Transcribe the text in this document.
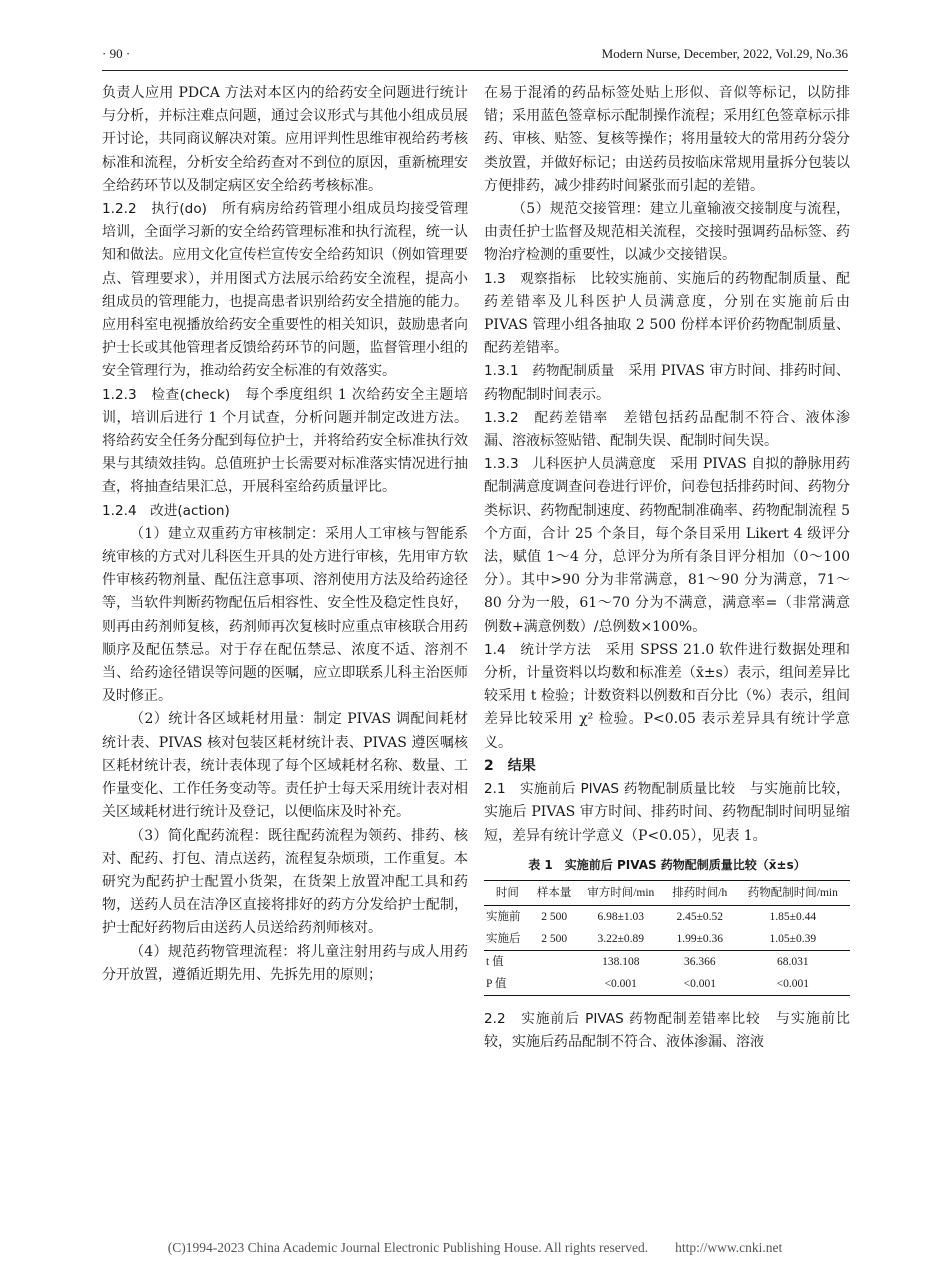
· 90 ·	Modern Nurse, December, 2022, Vol.29, No.36

负责人应用 PDCA 方法对本区内的给药安全问题进行统计与分析，并标注难点问题，通过会议形式与其他小组成员展开讨论，共同商议解决对策。应用评判性思维审视给药考核标准和流程，分析安全给药查对不到位的原因，重新梳理安全给药环节以及制定病区安全给药考核标准。

1.2.2　执行(do)　所有病房给药管理小组成员均接受管理培训，全面学习新的安全给药管理标准和执行流程，统一认知和做法。应用文化宣传栏宣传安全给药知识（例如管理要点、管理要求），并用图式方法展示给药安全流程，提高小组成员的管理能力，也提高患者识别给药安全措施的能力。应用科室电视播放给药安全重要性的相关知识，鼓励患者向护士长或其他管理者反馈给药环节的问题，监督管理小组的安全管理行为，推动给药安全标准的有效落实。

1.2.3　检查(check)　每个季度组织 1 次给药安全主题培训，培训后进行 1 个月试查，分析问题并制定改进方法。将给药安全任务分配到每位护士，并将给药安全标准执行效果与其绩效挂钩。总值班护士长需要对标准落实情况进行抽查，将抽查结果汇总，开展科室给药质量评比。

1.2.4　改进(action)

（1）建立双重药方审核制定：采用人工审核与智能系统审核的方式对儿科医生开具的处方进行审核，先用审方软件审核药物剂量、配伍注意事项、溶剂使用方法及给药途径等，当软件判断药物配伍后相容性、安全性及稳定性良好，则再由药剂师复核，药剂师再次复核时应重点审核联合用药顺序及配伍禁忌。对于存在配伍禁忌、浓度不适、溶剂不当、给药途径错误等问题的医嘱，应立即联系儿科主治医师及时修正。

（2）统计各区域耗材用量：制定 PIVAS 调配间耗材统计表、PIVAS 核对包装区耗材统计表、PIVAS 遵医嘱核区耗材统计表，统计表体现了每个区域耗材名称、数量、工作量变化、工作任务变动等。责任护士每天采用统计表对相关区域耗材进行统计及登记，以便临床及时补充。

（3）简化配药流程：既往配药流程为领药、排药、核对、配药、打包、清点送药，流程复杂烦琐，工作重复。本研究为配药护士配置小货架，在货架上放置冲配工具和药物，送药人员在洁净区直接将排好的药方分发给护士配制，护士配好药物后由送药人员送给药剂师核对。

（4）规范药物管理流程：将儿童注射用药与成人用药分开放置，遵循近期先用、先拆先用的原则；

在易于混淆的药品标签处贴上形似、音似等标记，以防排错；采用蓝色签章标示配制操作流程；采用红色签章标示排药、审核、贴签、复核等操作；将用量较大的常用药分袋分类放置，并做好标记；由送药员按临床常规用量拆分包装以方便排药，减少排药时间紧张而引起的差错。

（5）规范交接管理：建立儿童输液交接制度与流程，由责任护士监督及规范相关流程，交接时强调药品标签、药物治疗检测的重要性，以减少交接错误。

1.3　观察指标　比较实施前、实施后的药物配制质量、配药差错率及儿科医护人员满意度，分别在实施前后由 PIVAS 管理小组各抽取 2 500 份样本评价药物配制质量、配药差错率。

1.3.1　药物配制质量　采用 PIVAS 审方时间、排药时间、药物配制时间表示。

1.3.2　配药差错率　差错包括药品配制不符合、液体渗漏、溶液标签贴错、配制失误、配制时间失误。

1.3.3　儿科医护人员满意度　采用 PIVAS 自拟的静脉用药配制满意度调查问卷进行评价，问卷包括排药时间、药物分类标识、药物配制速度、药物配制准确率、药物配制流程 5 个方面，合计 25 个条目，每个条目采用 Likert 4 级评分法，赋值 1～4 分，总评分为所有条目评分相加（0～100 分）。其中>90 分为非常满意，81～90 分为满意，71～80 分为一般，61～70 分为不满意，满意率=（非常满意例数+满意例数）/总例数×100%。

1.4　统计学方法　采用 SPSS 21.0 软件进行数据处理和分析，计量资料以均数和标准差（x̄±s）表示，组间差异比较采用 t 检验；计数资料以例数和百分比（%）表示，组间差异比较采用 χ² 检验。P<0.05 表示差异具有统计学意义。

2　结果

2.1　实施前后 PIVAS 药物配制质量比较　与实施前比较，实施后 PIVAS 审方时间、排药时间、药物配制时间明显缩短，差异有统计学意义（P<0.05），见表 1。

表 1　实施前后 PIVAS 药物配制质量比较（x̄±s）
时间	样本量	审方时间/min	排药时间/h	药物配制时间/min
实施前	2 500	6.98±1.03	2.45±0.52	1.85±0.44
实施后	2 500	3.22±0.89	1.99±0.36	1.05±0.39
t 值		138.108	36.366	68.031
P 值		<0.001	<0.001	<0.001

2.2　实施前后 PIVAS 药物配制差错率比较　与实施前比较，实施后药品配制不符合、液体渗漏、溶液

(C)1994-2023 China Academic Journal Electronic Publishing House. All rights reserved.　　http://www.cnki.net
